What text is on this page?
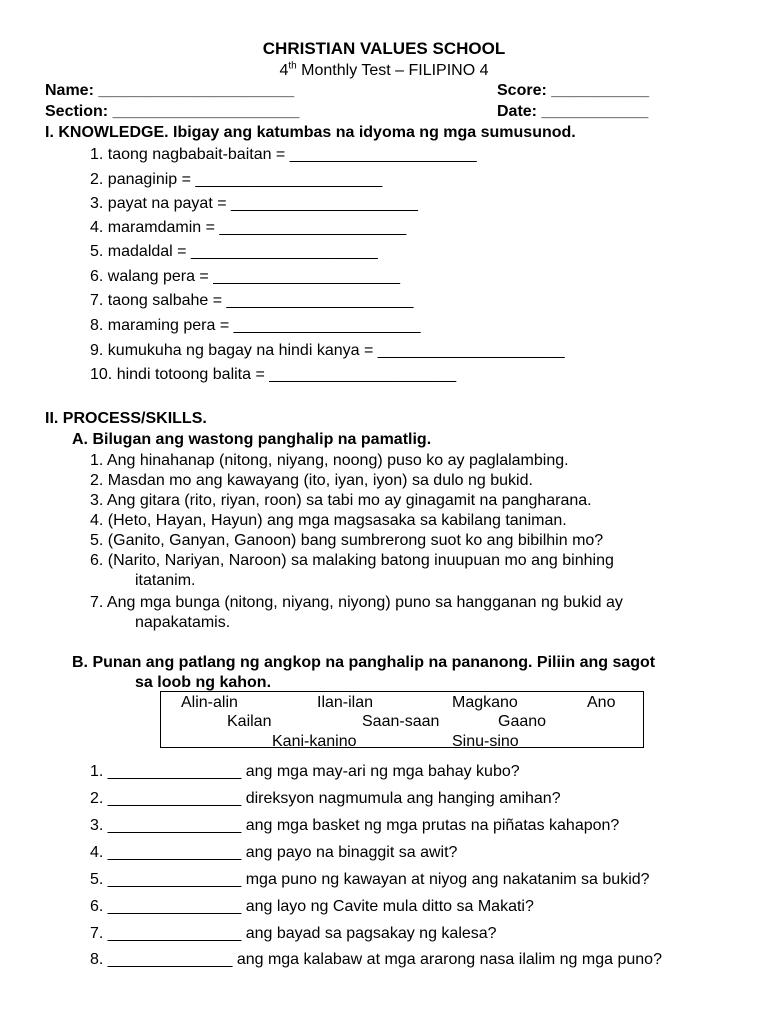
CHRISTIAN VALUES SCHOOL
4th Monthly Test – FILIPINO 4
Name: ______________________	Score: ___________
Section: _____________________	Date: ____________
I. KNOWLEDGE. Ibigay ang katumbas na idyoma ng mga sumusunod.
1. taong nagbabait-baitan = _____________________
2. panaginip = _____________________
3. payat na payat = _____________________
4. maramdamin = _____________________
5. madaldal = _____________________
6. walang pera = _____________________
7. taong salbahe = _____________________
8. maraming pera = _____________________
9. kumukuha ng bagay na hindi kanya = _____________________
10. hindi totoong balita = _____________________
II. PROCESS/SKILLS.
A. Bilugan ang wastong panghalip na pamatlig.
1. Ang hinahanap (nitong, niyang, noong) puso ko ay paglalambing.
2. Masdan mo ang kawayang (ito, iyan, iyon) sa dulo ng bukid.
3. Ang gitara (rito, riyan, roon) sa tabi mo ay ginagamit na pangharana.
4. (Heto, Hayan, Hayun) ang mga magsasaka sa kabilang taniman.
5. (Ganito, Ganyan, Ganoon) bang sumbrerong suot ko ang bibilhin mo?
6. (Narito, Nariyan, Naroon) sa malaking batong inuupuan mo ang binhing
itatanim.
7. Ang mga bunga (nitong, niyang, niyong) puno sa hangganan ng bukid ay
napakatamis.
B. Punan ang patlang ng angkop na panghalip na pananong. Piliin ang sagot
sa loob ng kahon.
Alin-alin	Ilan-ilan	Magkano	Ano
Kailan	Saan-saan	Gaano
Kani-kanino	Sinu-sino
1. _______________ ang mga may-ari ng mga bahay kubo?
2. _______________ direksyon nagmumula ang hanging amihan?
3. _______________ ang mga basket ng mga prutas na piñatas kahapon?
4. _______________ ang payo na binaggit sa awit?
5. _______________ mga puno ng kawayan at niyog ang nakatanim sa bukid?
6. _______________ ang layo ng Cavite mula ditto sa Makati?
7. _______________ ang bayad sa pagsakay ng kalesa?
8. ______________ ang mga kalabaw at mga ararong nasa ilalim ng mga puno?
